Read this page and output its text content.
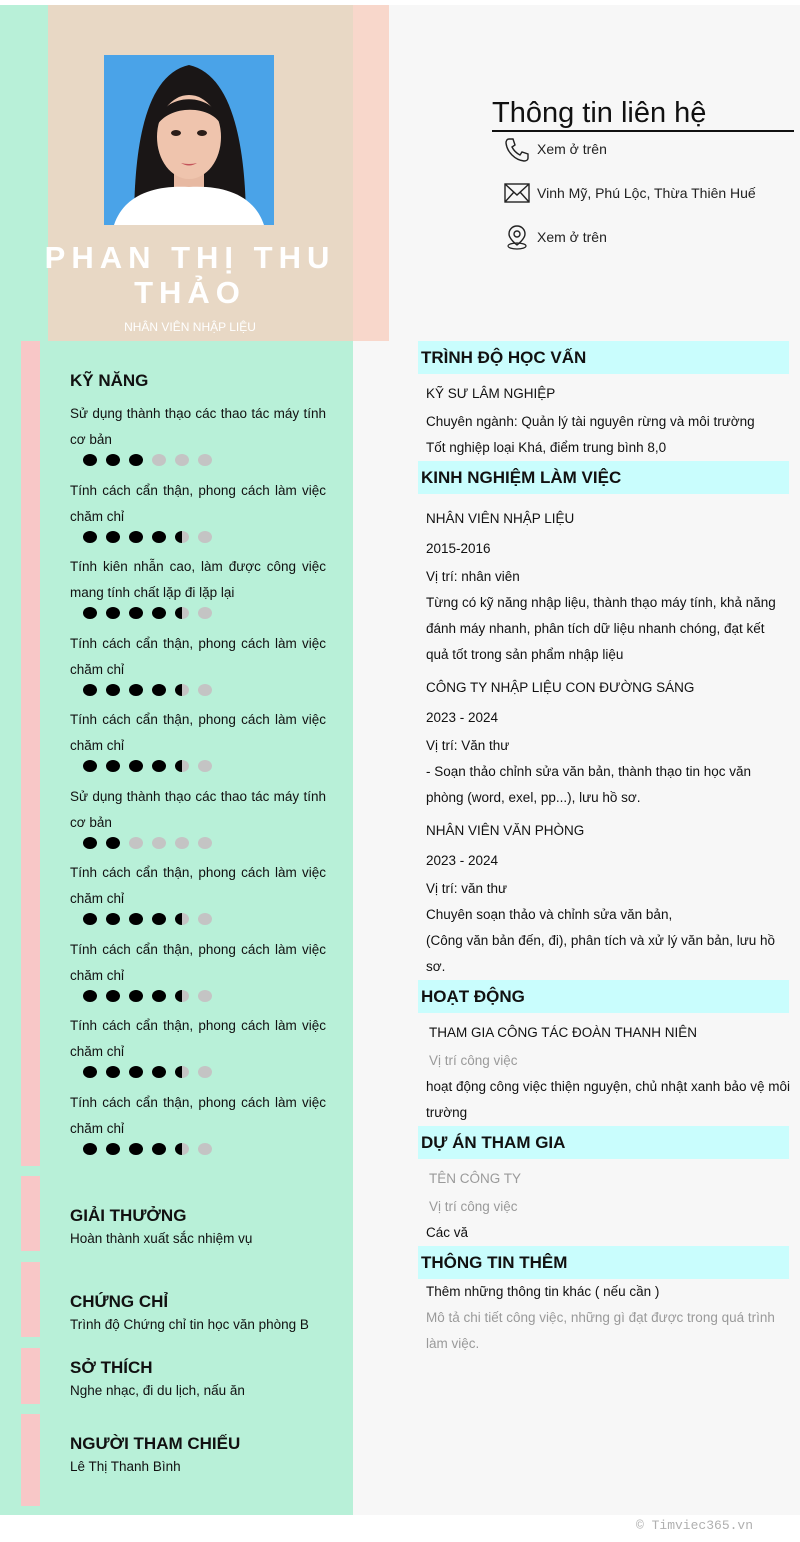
PHAN THỊ THU THẢO
NHÂN VIÊN NHẬP LIỆU
Thông tin liên hệ
Xem ở trên
Vinh Mỹ, Phú Lộc, Thừa Thiên Huế
Xem ở trên
KỸ NĂNG
Sử dụng thành thạo các thao tác máy tính cơ bản
Tính cách cẩn thận, phong cách làm việc chăm chỉ
Tính kiên nhẫn cao, làm được công việc mang tính chất lặp đi lặp lại
Tính cách cẩn thận, phong cách làm việc chăm chỉ
Tính cách cẩn thận, phong cách làm việc chăm chỉ
Sử dụng thành thạo các thao tác máy tính cơ bản
Tính cách cẩn thận, phong cách làm việc chăm chỉ
Tính cách cẩn thận, phong cách làm việc chăm chỉ
Tính cách cẩn thận, phong cách làm việc chăm chỉ
Tính cách cẩn thận, phong cách làm việc chăm chỉ
GIẢI THƯỞNG
Hoàn thành xuất sắc nhiệm vụ
CHỨNG CHỈ
Trình độ Chứng chỉ tin học văn phòng B
SỞ THÍCH
Nghe nhạc, đi du lịch, nấu ăn
NGƯỜI THAM CHIẾU
Lê Thị Thanh Bình
TRÌNH ĐỘ HỌC VẤN
KỸ SƯ LÂM NGHIỆP
Chuyên ngành: Quản lý tài nguyên rừng và môi trường
Tốt nghiệp loại Khá, điểm trung bình 8,0
KINH NGHIỆM LÀM VIỆC
NHÂN VIÊN NHẬP LIỆU
2015-2016
Vị trí: nhân viên
Từng có kỹ năng nhập liệu, thành thạo máy tính, khả năng đánh máy nhanh, phân tích dữ liệu nhanh chóng, đạt kết quả tốt trong sản phẩm nhập liệu
CÔNG TY NHẬP LIỆU CON ĐƯỜNG SÁNG
2023 - 2024
Vị trí: Văn thư
- Soạn thảo chỉnh sửa văn bản, thành thạo tin học văn phòng (word, exel, pp...), lưu hồ sơ.
NHÂN VIÊN VĂN PHÒNG
2023 - 2024
Vị trí: văn thư
Chuyên soạn thảo và chỉnh sửa văn bản,
(Công văn bản đến, đi), phân tích và xử lý văn bản, lưu hồ sơ.
HOẠT ĐỘNG
THAM GIA CÔNG TÁC ĐOÀN THANH NIÊN
Vị trí công việc
hoạt động công việc thiện nguyện, chủ nhật xanh bảo vệ môi trường
DỰ ÁN THAM GIA
TÊN CÔNG TY
Vị trí công việc
Các vă
THÔNG TIN THÊM
Thêm những thông tin khác ( nếu cần )
Mô tả chi tiết công việc, những gì đạt được trong quá trình làm việc.
© Timviec365.vn
